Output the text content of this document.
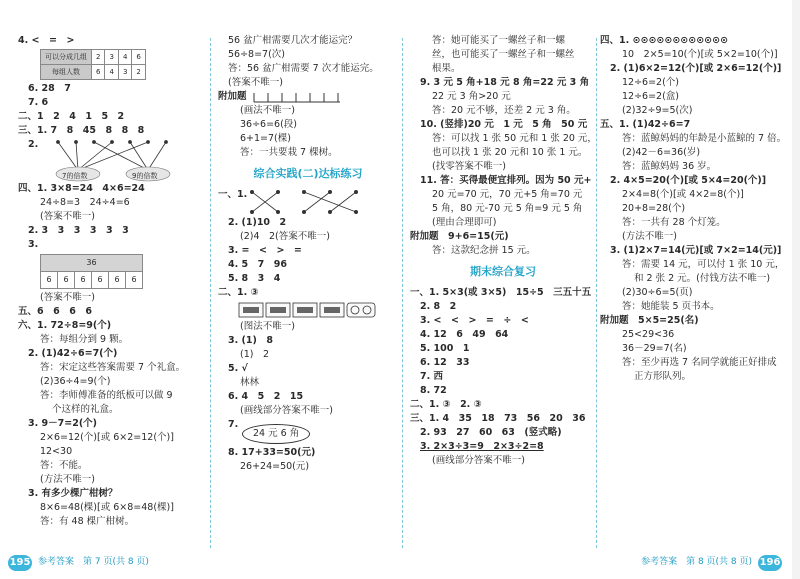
4. <　=　>
可以分成几组	2	3	4	6
每组人数	6	4	3	2
6. 28　7
7. 6
二、1　2　4　1　5　2
三、1. 7　8　45　8　8　8
2.
7的倍数	9的倍数
四、1. 3×8=24　4×6=24
24÷8=3　24÷4=6
(答案不唯一)
2. 3　3　3　3　3　3
3.
36
6	6	6	6	6	6
(答案不唯一)
五、6　6　6　6
六、1. 72÷8=9(个)
答：每组分到 9 颗。
2. (1)42÷6=7(个)
答：宋定这些答案需要 7 个礼盒。
(2)36÷4=9(个)
答：李师傅准备的纸板可以做 9
个这样的礼盒。
3. 9－7=2(个)
2×6=12(个)[或 6×2=12(个)]
12<30
答：不能。
(方法不唯一)
3. 有多少棵广柑树？
8×6=48(棵)[或 6×8=48(棵)]
答：有 48 棵广柑树。
56 盆广柑需要几次才能运完？
56÷8=7(次)
答：56 盆广柑需要 7 次才能运完。
(答案不唯一)
附加题
(画法不唯一)
36÷6=6(段)
6+1=7(棵)
答：一共要栽 7 棵树。
综合实践(二)达标练习
一、1.
2. (1)10　2
(2)4　2(答案不唯一)
3. =　<　>　=
4. 5　7　96
5. 8　3　4
二、1. ③
(图法不唯一)
3. (1)　8
(1)　2
5. √
林林
6. 4　5　2　15
(画线部分答案不唯一)
7.
24 元 6 角
8. 17+33=50(元)
26+24=50(元)
答：她可能买了一螺丝子和一螺
丝，也可能买了一螺丝子和一螺丝
根果。
9. 3 元 5 角+18 元 8 角=22 元 3 角
22 元 3 角>20 元
答：20 元不够，还差 2 元 3 角。
10. (竖排)20 元　1 元　5 角　50 元
答：可以找 1 张 50 元和 1 张 20 元，
也可以找 1 张 20 元和 10 张 1 元。
(找零答案不唯一)
11. 答：买得最便宜排列。因为 50 元+
20 元=70 元，70 元+5 角=70 元
5 角，80 元-70 元 5 角=9 元 5 角
(理由合理即可)
附加题　9+6=15(元)
答：这款纪念拼 15 元。
期末综合复习
一、1. 5×3(或 3×5)　15÷5　三五十五
2. 8　2
3. <　<　>　=　÷　<
4. 12　6　49　64
5. 100　1
6. 12　33
7. 西
8. 72
二、1. ③　2. ③
三、1. 4　35　18　73　56　20　36
2. 93　27　60　63　(竖式略)
3. 2×3÷3=9　2×3÷2=8
(画线部分答案不唯一)
四、1. ⊙⊙⊙⊙⊙⊙⊙⊙⊙⊙⊙⊙
10　2×5=10(个)[或 5×2=10(个)]
2. (1)6×2=12(个)[或 2×6=12(个)]
12÷6=2(个)
12÷6=2(盒)
(2)32÷9=5(次)
五、1. (1)42÷6=7
答：蓝鲸妈妈的年龄是小蓝鲸的 7 倍。
(2)42－6=36(岁)
答：蓝鲸妈妈 36 岁。
2. 4×5=20(个)[或 5×4=20(个)]
2×4=8(个)[或 4×2=8(个)]
20+8=28(个)
答：一共有 28 个灯笼。
(方法不唯一)
3. (1)2×7=14(元)[或 7×2=14(元)]
答：需要 14 元，可以付 1 张 10 元，
和 2 张 2 元。(付钱方法不唯一)
(2)30÷6=5(页)
答：她能装 5 页书本。
附加题　5×5=25(名)
25<29<36
36－29=7(名)
答：至少再选 7 名同学就能正好排成
正方形队列。
195 参考答案　第 7 页(共 8 页)	参考答案　第 8 页(共 8 页) 196
